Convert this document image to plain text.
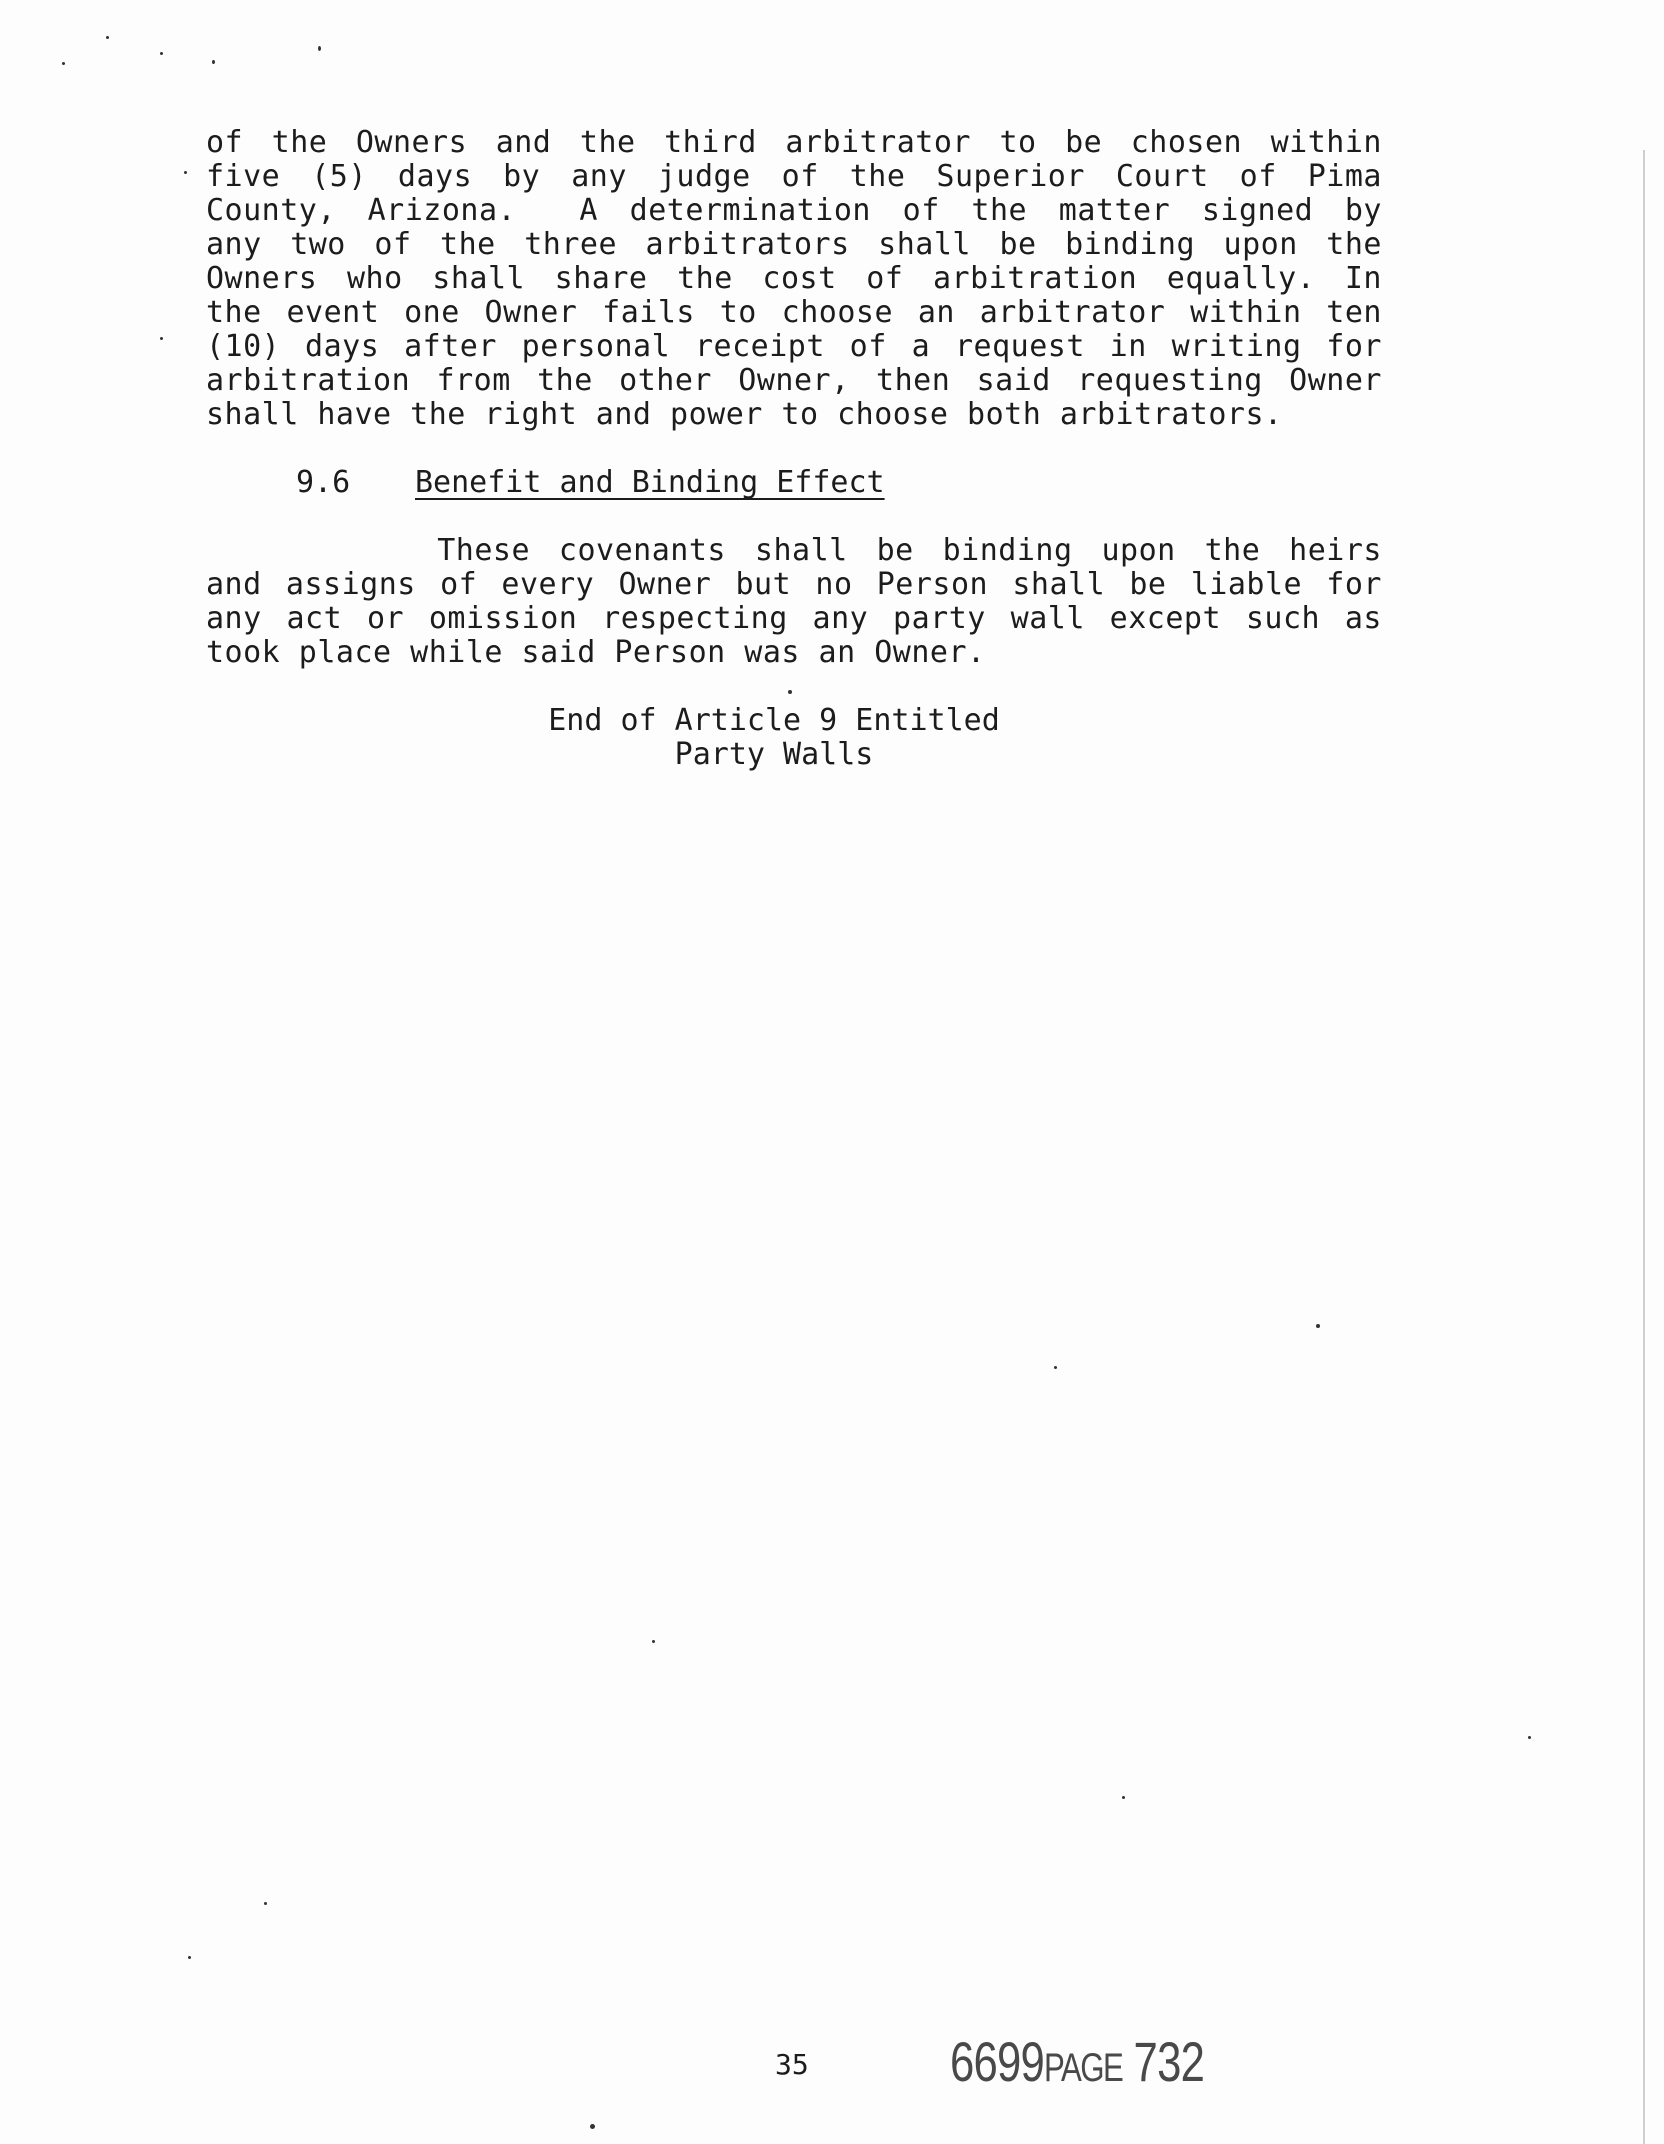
of the Owners and the third arbitrator to be chosen within
five (5) days by any judge of the Superior Court of Pima
County, Arizona.  A determination of the matter signed by
any two of the three arbitrators shall be binding upon the
Owners who shall share the cost of arbitration equally. In
the event one Owner fails to choose an arbitrator within ten
(10) days after personal receipt of a request in writing for
arbitration from the other Owner, then said requesting Owner
shall have the right and power to choose both arbitrators.
9.6 Benefit and Binding Effect
These covenants shall be binding upon the heirs
and assigns of every Owner but no Person shall be liable for
any act or omission respecting any party wall except such as
took place while said Person was an Owner.
End of Article 9 Entitled
Party Walls
35	6699PAGE 732
